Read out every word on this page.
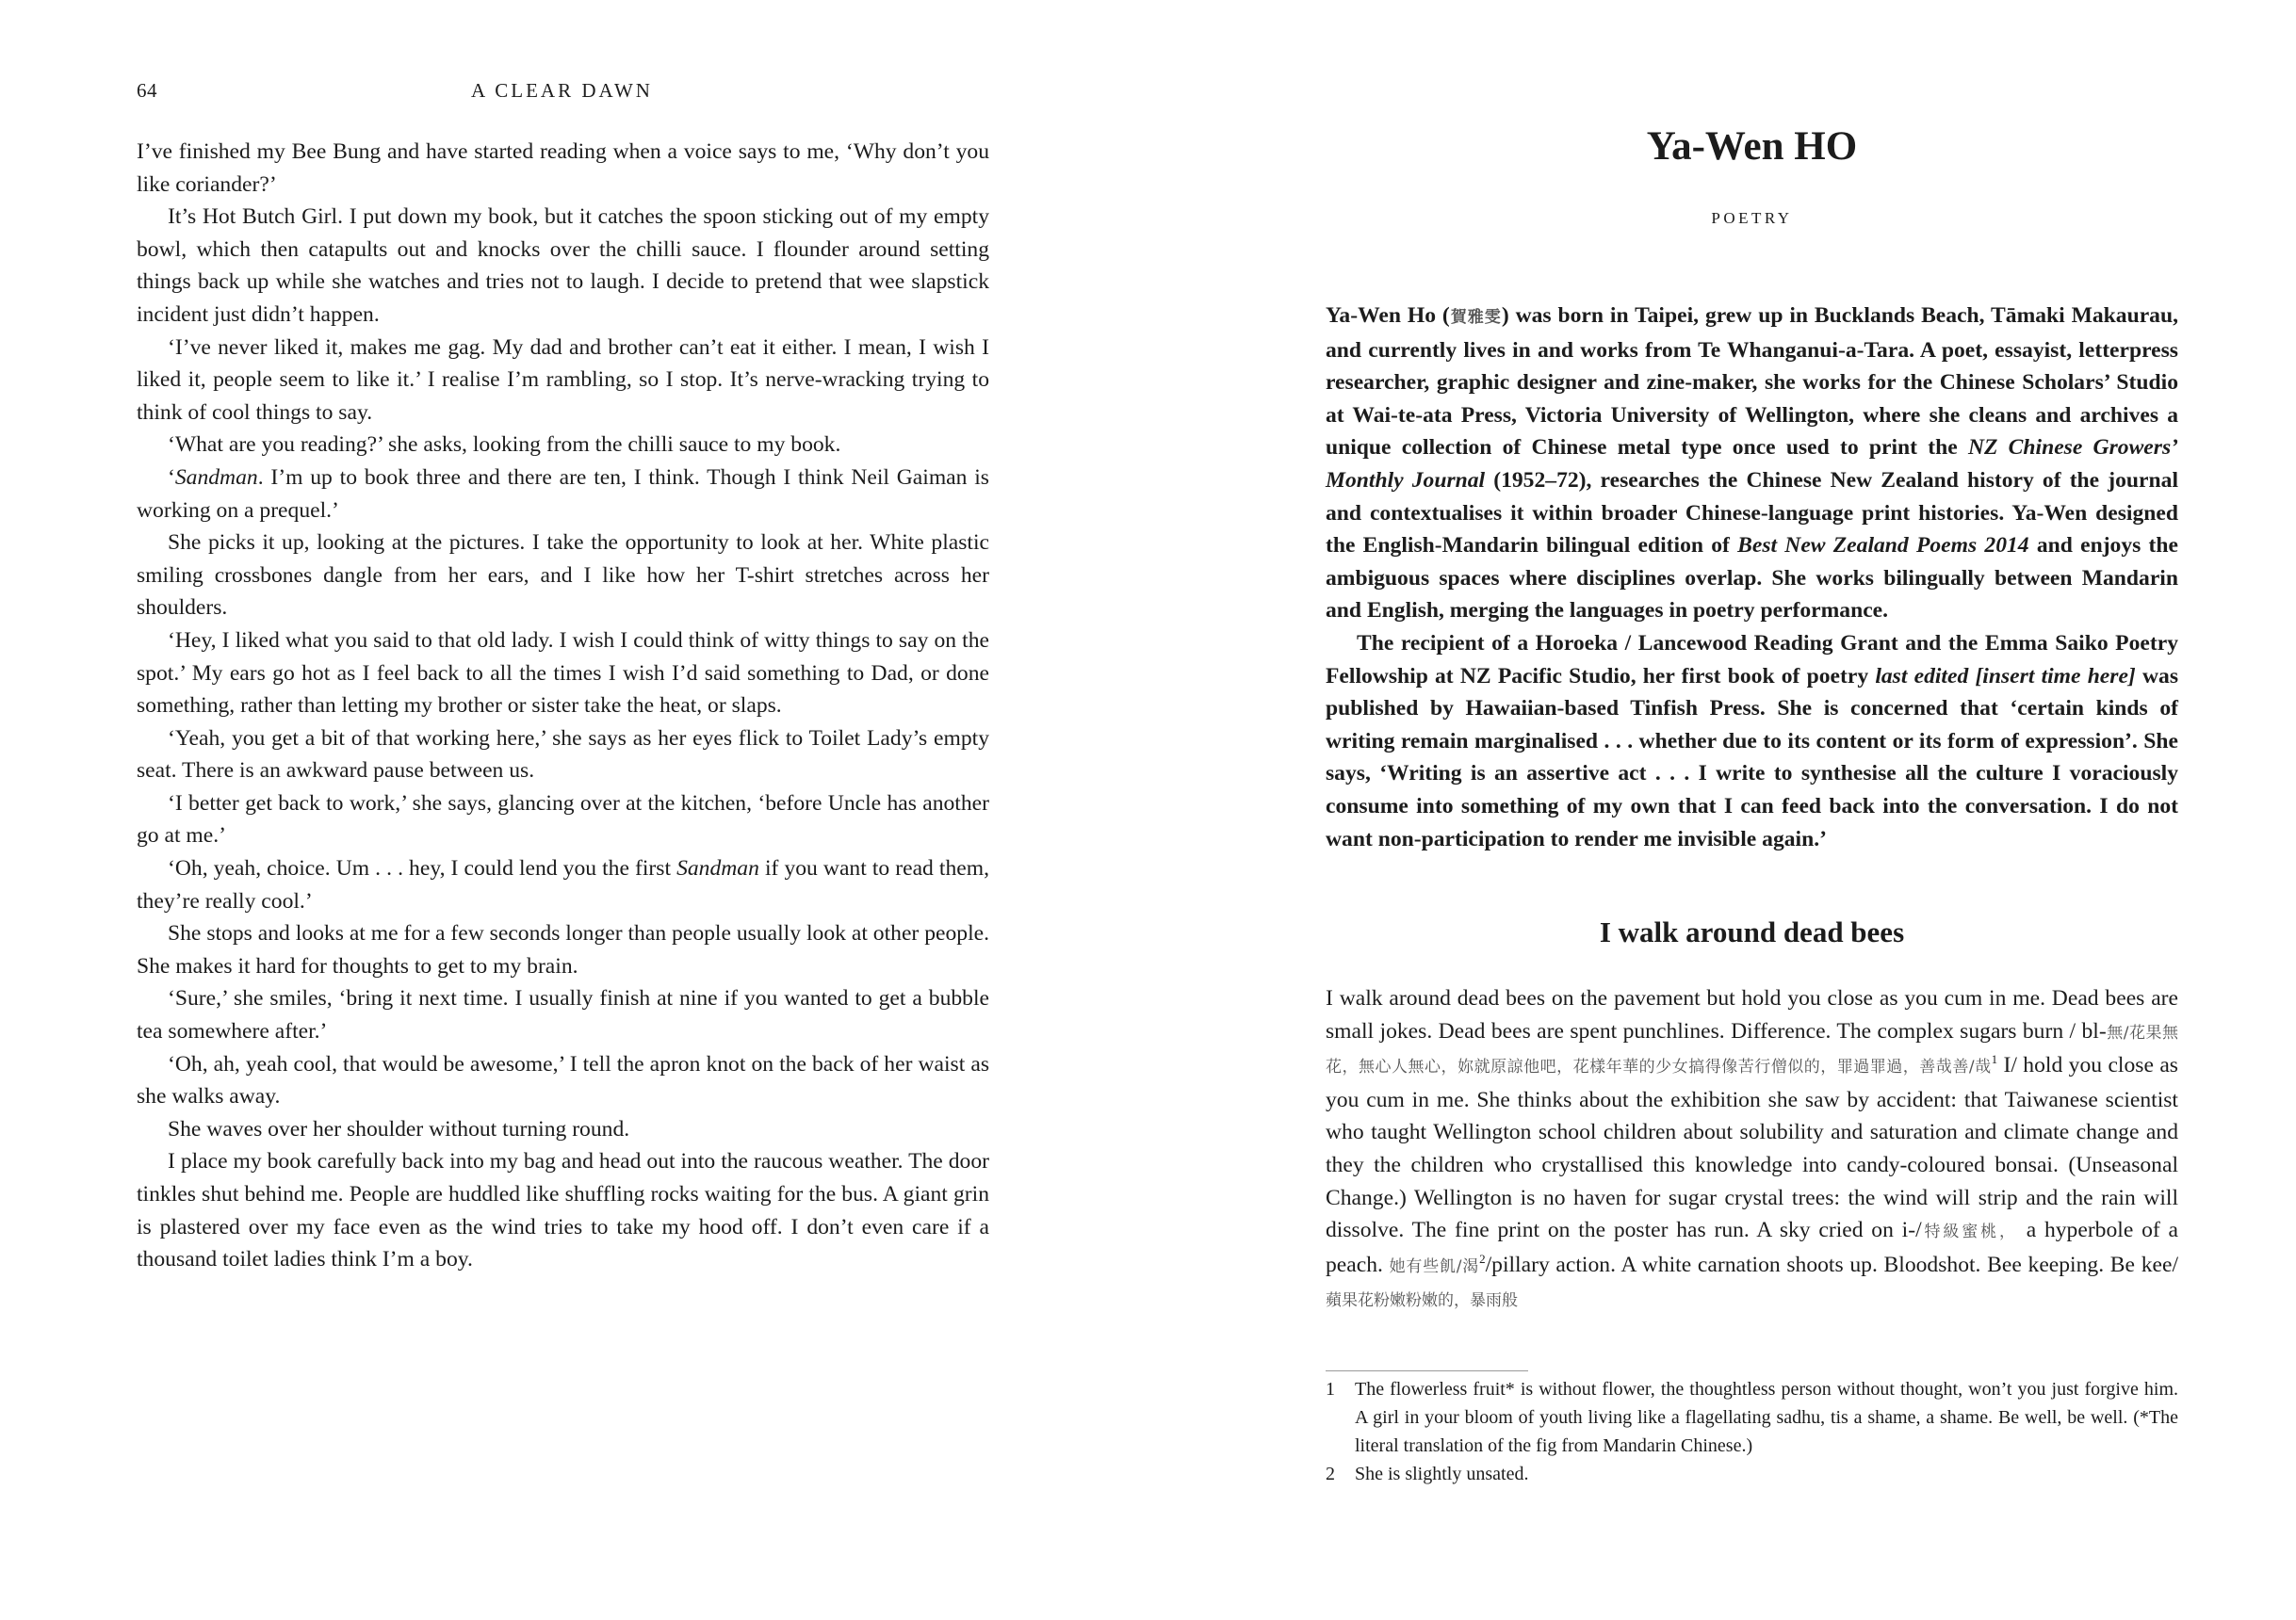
64	A CLEAR DAWN

I’ve finished my Bee Bung and have started reading when a voice says to me, ‘Why don’t you like coriander?’

It’s Hot Butch Girl. I put down my book, but it catches the spoon sticking out of my empty bowl, which then catapults out and knocks over the chilli sauce. I flounder around setting things back up while she watches and tries not to laugh. I decide to pretend that wee slapstick incident just didn’t happen.

‘I’ve never liked it, makes me gag. My dad and brother can’t eat it either. I mean, I wish I liked it, people seem to like it.’ I realise I’m rambling, so I stop. It’s nerve-wracking trying to think of cool things to say.

‘What are you reading?’ she asks, looking from the chilli sauce to my book.

‘Sandman. I’m up to book three and there are ten, I think. Though I think Neil Gaiman is working on a prequel.’

She picks it up, looking at the pictures. I take the opportunity to look at her. White plastic smiling crossbones dangle from her ears, and I like how her T-shirt stretches across her shoulders.

‘Hey, I liked what you said to that old lady. I wish I could think of witty things to say on the spot.’ My ears go hot as I feel back to all the times I wish I’d said something to Dad, or done something, rather than letting my brother or sister take the heat, or slaps.

‘Yeah, you get a bit of that working here,’ she says as her eyes flick to Toilet Lady’s empty seat. There is an awkward pause between us.

‘I better get back to work,’ she says, glancing over at the kitchen, ‘before Uncle has another go at me.’

‘Oh, yeah, choice. Um . . . hey, I could lend you the first Sandman if you want to read them, they’re really cool.’

She stops and looks at me for a few seconds longer than people usually look at other people. She makes it hard for thoughts to get to my brain.

‘Sure,’ she smiles, ‘bring it next time. I usually finish at nine if you wanted to get a bubble tea somewhere after.’

‘Oh, ah, yeah cool, that would be awesome,’ I tell the apron knot on the back of her waist as she walks away.

She waves over her shoulder without turning round.

I place my book carefully back into my bag and head out into the raucous weather. The door tinkles shut behind me. People are huddled like shuffling rocks waiting for the bus. A giant grin is plastered over my face even as the wind tries to take my hood off. I don’t even care if a thousand toilet ladies think I’m a boy.

Ya-Wen HO
POETRY

Ya-Wen Ho (賀雅雯) was born in Taipei, grew up in Bucklands Beach, Tāmaki Makaurau, and currently lives in and works from Te Whanganui-a-Tara. A poet, essayist, letterpress researcher, graphic designer and zine-maker, she works for the Chinese Scholars’ Studio at Wai-te-ata Press, Victoria University of Wellington, where she cleans and archives a unique collection of Chinese metal type once used to print the NZ Chinese Growers’ Monthly Journal (1952–72), researches the Chinese New Zealand history of the journal and contextualises it within broader Chinese-language print histories. Ya-Wen designed the English-Mandarin bilingual edition of Best New Zealand Poems 2014 and enjoys the ambiguous spaces where disciplines overlap. She works bilingually between Mandarin and English, merging the languages in poetry performance.

The recipient of a Horoeka / Lancewood Reading Grant and the Emma Saiko Poetry Fellowship at NZ Pacific Studio, her first book of poetry last edited [insert time here] was published by Hawaiian-based Tinfish Press. She is concerned that ‘certain kinds of writing remain marginalised . . . whether due to its content or its form of expression’. She says, ‘Writing is an assertive act . . . I write to synthesise all the culture I voraciously consume into something of my own that I can feed back into the conversation. I do not want non-participation to render me invisible again.’

I walk around dead bees

I walk around dead bees on the pavement but hold you close as you cum in me. Dead bees are small jokes. Dead bees are spent punchlines. Difference. The complex sugars burn / bl-無/花果無花，無心人無心，妳就原諒他吧，花樣年華的少女搞得像苦行僧似的，罪過罪過，善哉善/哉$^1$ I/ hold you close as you cum in me. She thinks about the exhibition she saw by accident: that Taiwanese scientist who taught Wellington school children about solubility and saturation and climate change and they the children who crystallised this knowledge into candy-coloured bonsai. (Unseasonal Change.) Wellington is no haven for sugar crystal trees: the wind will strip and the rain will dissolve. The fine print on the poster has run. A sky cried on i-/特級蜜桃， a hyperbole of a peach. 她有些飢/渴$^2$/pillary action. A white carnation shoots up. Bloodshot. Bee keeping. Be kee/ 蘋果花粉嫩粉嫩的，暴雨般

1 The flowerless fruit* is without flower, the thoughtless person without thought, won’t you just forgive him. A girl in your bloom of youth living like a flagellating sadhu, tis a shame, a shame. Be well, be well. (*The literal translation of the fig from Mandarin Chinese.)

2 She is slightly unsated.
